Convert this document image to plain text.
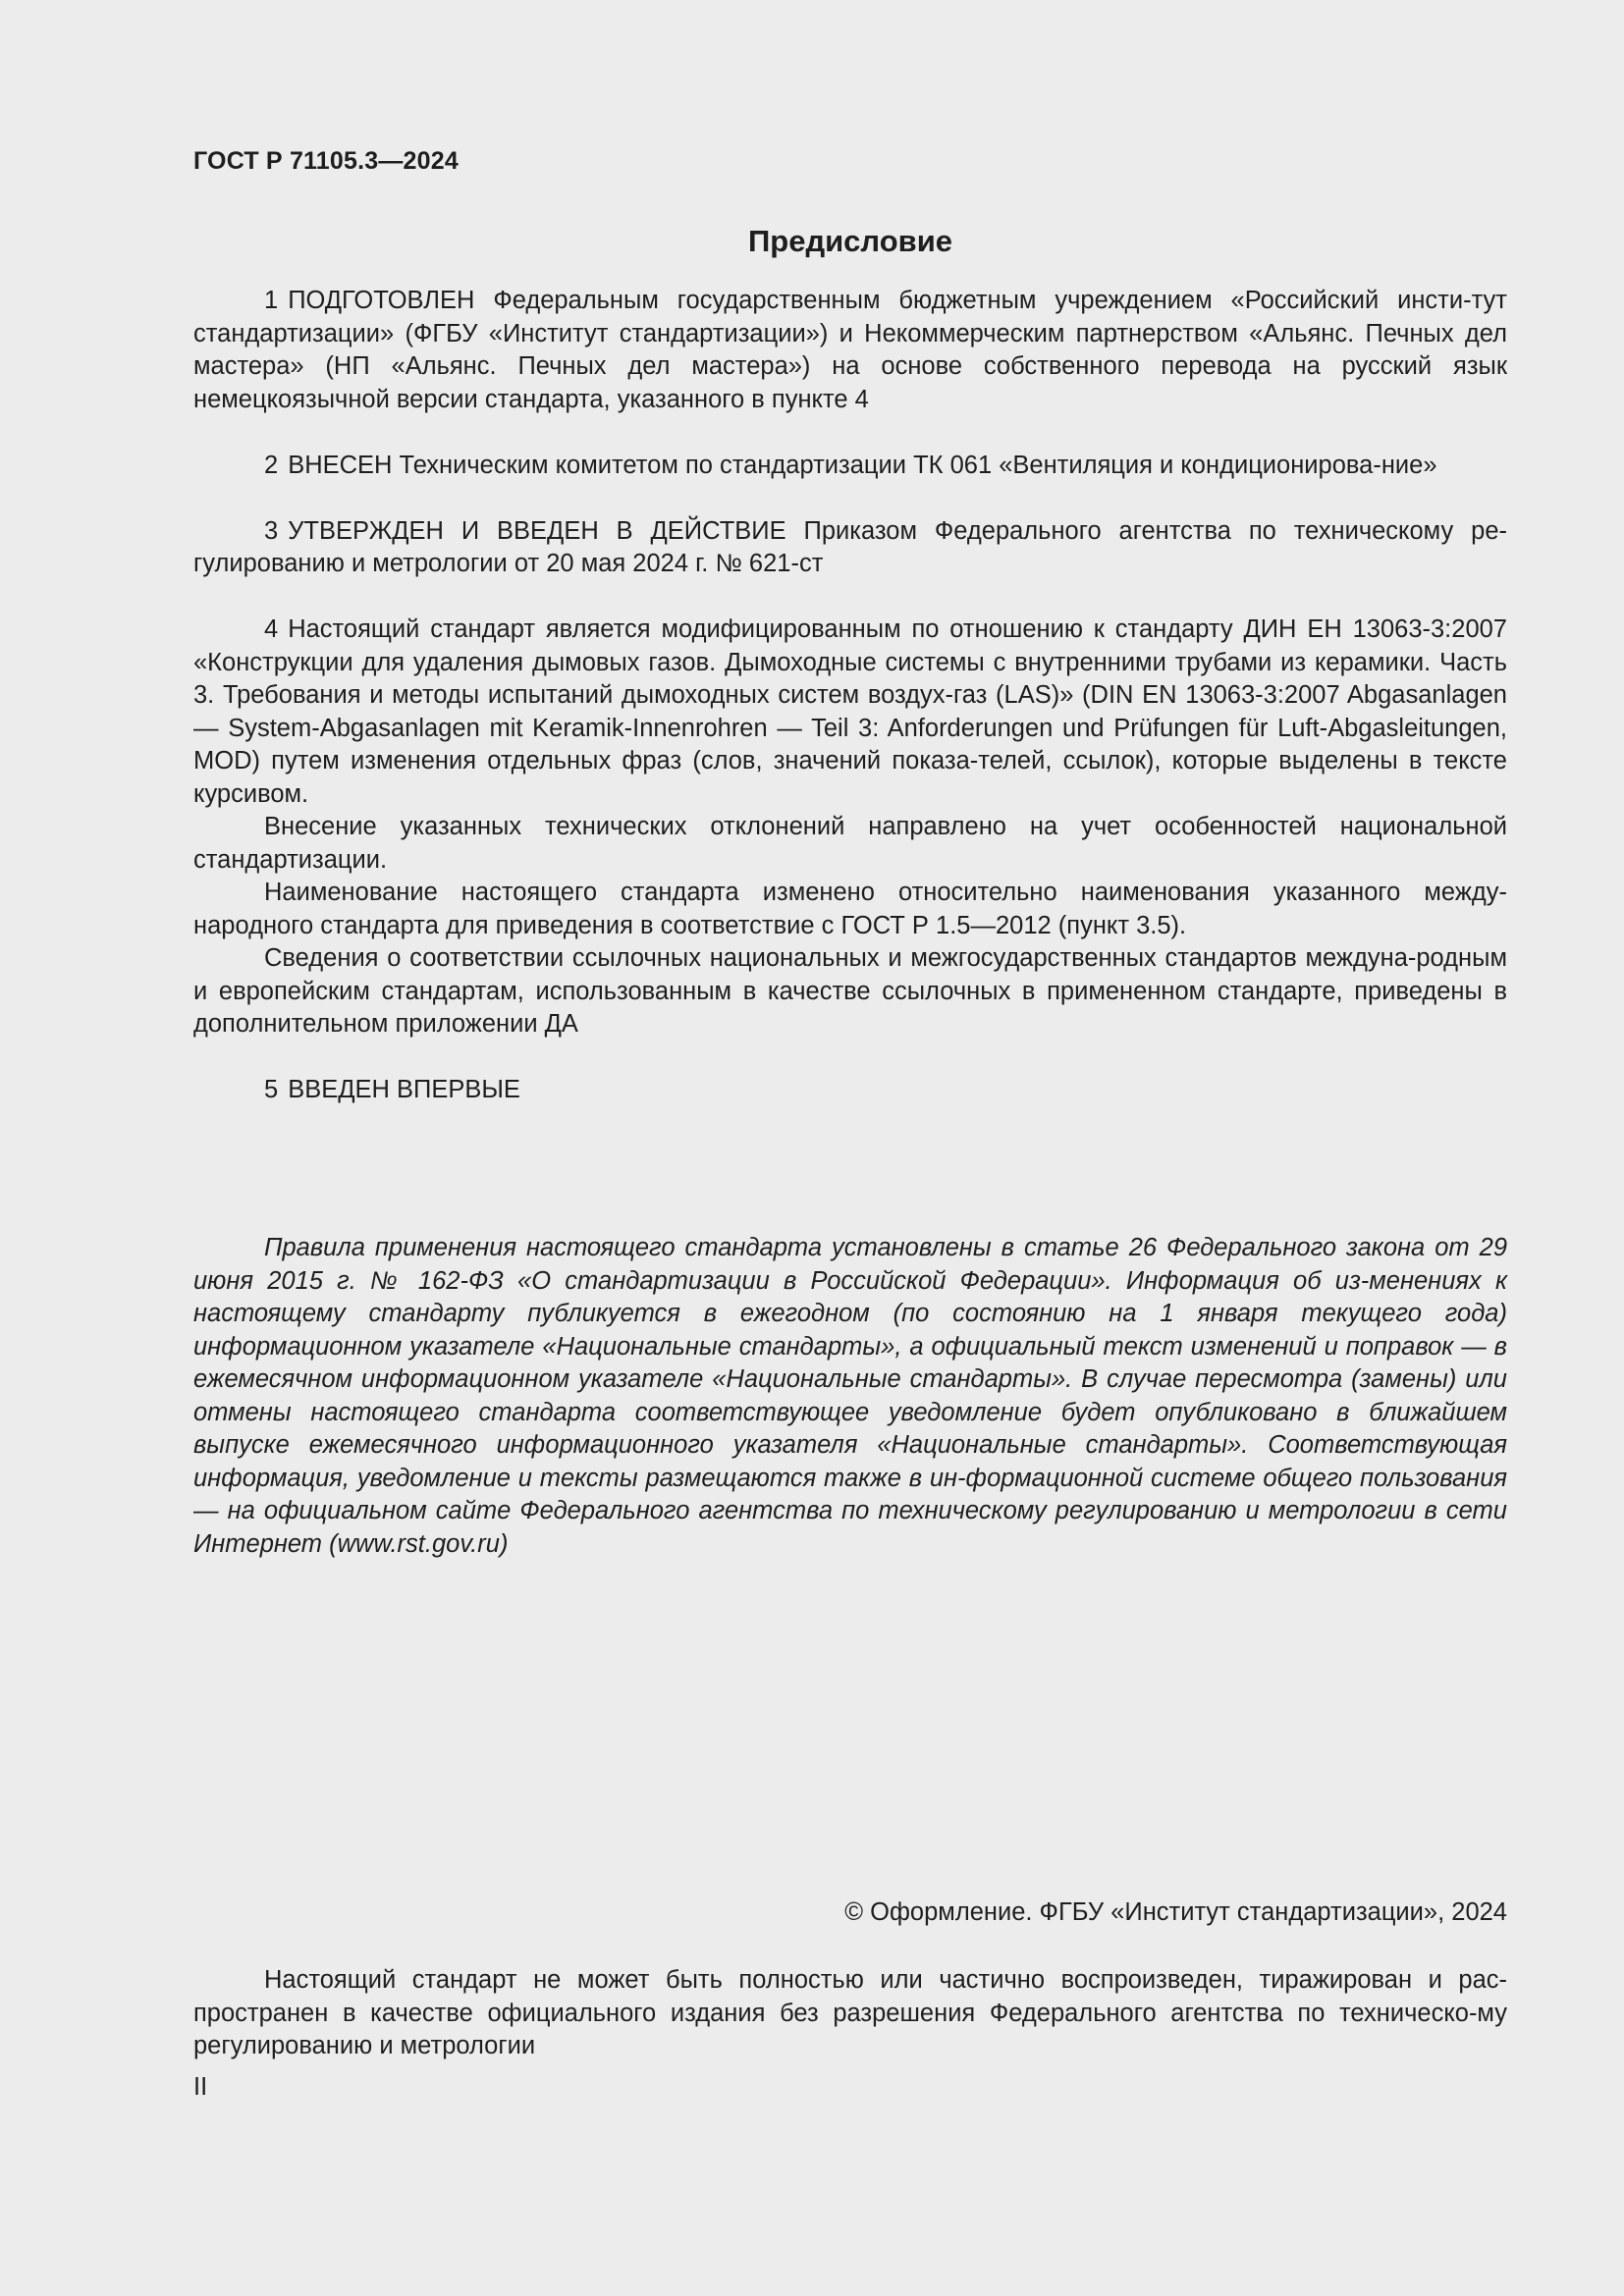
ГОСТ Р 71105.3—2024
Предисловие

1 ПОДГОТОВЛЕН Федеральным государственным бюджетным учреждением «Российский инсти-тут стандартизации» (ФГБУ «Институт стандартизации») и Некоммерческим партнерством «Альянс. Печных дел мастера» (НП «Альянс. Печных дел мастера») на основе собственного перевода на русский язык немецкоязычной версии стандарта, указанного в пункте 4

2 ВНЕСЕН Техническим комитетом по стандартизации ТК 061 «Вентиляция и кондиционирова-ние»

3 УТВЕРЖДЕН И ВВЕДЕН В ДЕЙСТВИЕ Приказом Федерального агентства по техническому ре-гулированию и метрологии от 20 мая 2024 г. № 621-ст

4 Настоящий стандарт является модифицированным по отношению к стандарту ДИН ЕН 13063-3:2007 «Конструкции для удаления дымовых газов. Дымоходные системы с внутренними трубами из керамики. Часть 3. Требования и методы испытаний дымоходных систем воздух-газ (LAS)» (DIN EN 13063-3:2007 Abgasanlagen — System-Abgasanlagen mit Keramik-Innenrohren — Teil 3: Anforderungen und Prüfungen für Luft-Abgasleitungen, MOD) путем изменения отдельных фраз (слов, значений показа-телей, ссылок), которые выделены в тексте курсивом.

Внесение указанных технических отклонений направлено на учет особенностей национальной стандартизации.

Наименование настоящего стандарта изменено относительно наименования указанного между-народного стандарта для приведения в соответствие с ГОСТ Р 1.5—2012 (пункт 3.5).

Сведения о соответствии ссылочных национальных и межгосударственных стандартов междуна-родным и европейским стандартам, использованным в качестве ссылочных в примененном стандарте, приведены в дополнительном приложении ДА

5 ВВЕДЕН ВПЕРВЫЕ

Правила применения настоящего стандарта установлены в статье 26 Федерального закона от 29 июня 2015 г. № 162-ФЗ «О стандартизации в Российской Федерации». Информация об из-менениях к настоящему стандарту публикуется в ежегодном (по состоянию на 1 января текущего года) информационном указателе «Национальные стандарты», а официальный текст изменений и поправок — в ежемесячном информационном указателе «Национальные стандарты». В случае пересмотра (замены) или отмены настоящего стандарта соответствующее уведомление будет опубликовано в ближайшем выпуске ежемесячного информационного указателя «Национальные стандарты». Соответствующая информация, уведомление и тексты размещаются также в ин-формационной системе общего пользования — на официальном сайте Федерального агентства по техническому регулированию и метрологии в сети Интернет (www.rst.gov.ru)

© Оформление. ФГБУ «Институт стандартизации», 2024

Настоящий стандарт не может быть полностью или частично воспроизведен, тиражирован и рас-пространен в качестве официального издания без разрешения Федерального агентства по техническо-му регулированию и метрологии

II
